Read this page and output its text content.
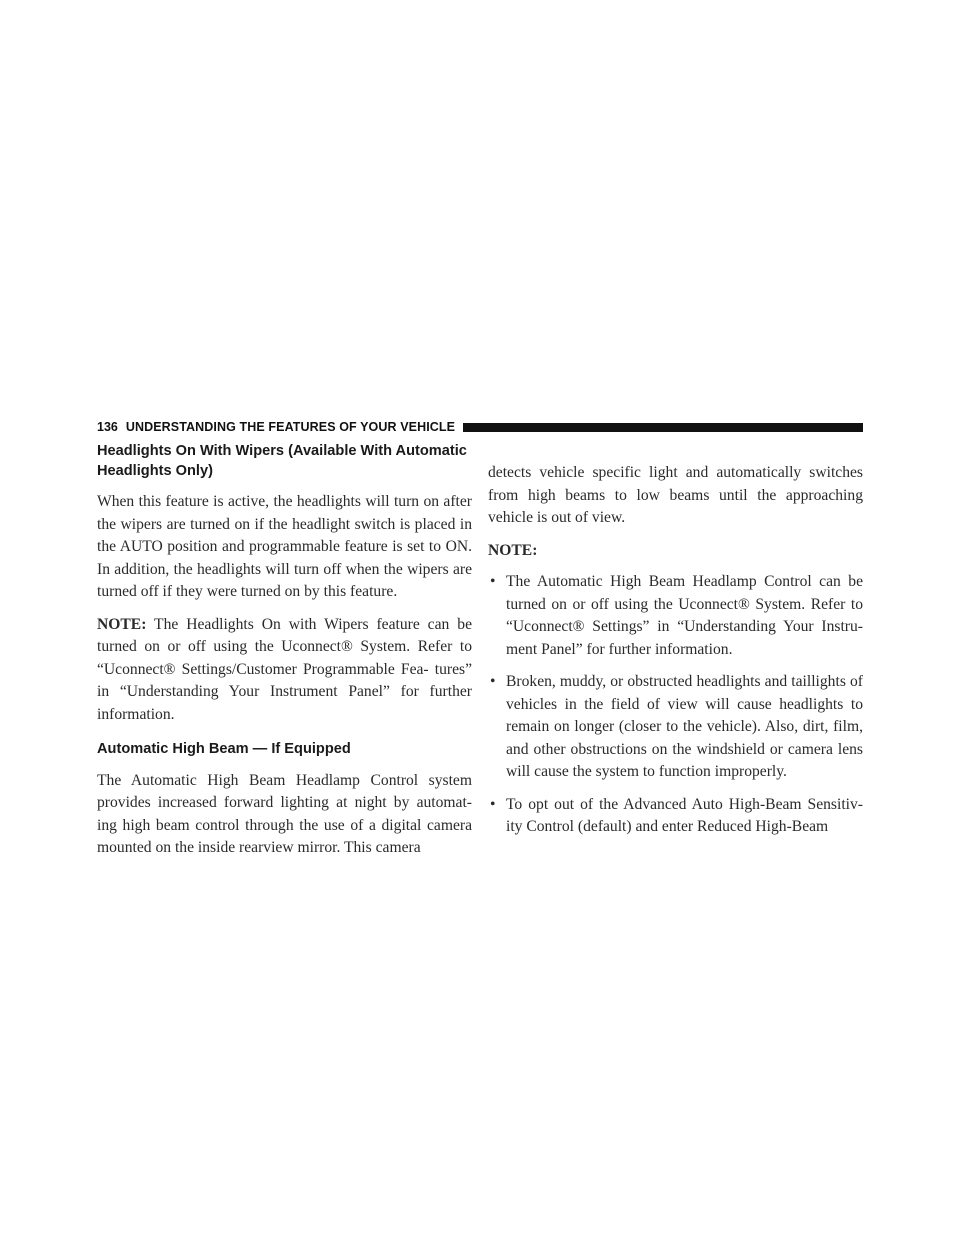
136 UNDERSTANDING THE FEATURES OF YOUR VEHICLE
Headlights On With Wipers (Available With Automatic Headlights Only)

When this feature is active, the headlights will turn on after the wipers are turned on if the headlight switch is placed in the AUTO position and programmable feature is set to ON. In addition, the headlights will turn off when the wipers are turned off if they were turned on by this feature.

NOTE: The Headlights On with Wipers feature can be turned on or off using the Uconnect® System. Refer to “Uconnect® Settings/Customer Programmable Fea- tures” in “Understanding Your Instrument Panel” for further information.

Automatic High Beam — If Equipped

The Automatic High Beam Headlamp Control system provides increased forward lighting at night by automat- ing high beam control through the use of a digital camera mounted on the inside rearview mirror. This camera

detects vehicle specific light and automatically switches from high beams to low beams until the approaching vehicle is out of view.

NOTE:
• The Automatic High Beam Headlamp Control can be turned on or off using the Uconnect® System. Refer to “Uconnect® Settings” in “Understanding Your Instru- ment Panel” for further information.
• Broken, muddy, or obstructed headlights and taillights of vehicles in the field of view will cause headlights to remain on longer (closer to the vehicle). Also, dirt, film, and other obstructions on the windshield or camera lens will cause the system to function improperly.
• To opt out of the Advanced Auto High-Beam Sensitiv- ity Control (default) and enter Reduced High-Beam
